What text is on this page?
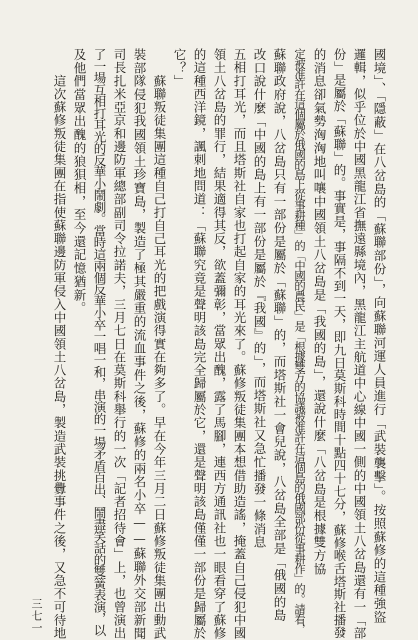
國境」、「隱蔽」在八岔島的「蘇聯部份」，向蘇聯河運人員進行「武裝襲擊」。按照蘇修的這種強盜
邏輯，似乎位於中國黑龍江省撫遠縣境內，黑龍江主航道中心線中國一側的中國領土八岔島還有一「部
份」是屬於「蘇聯」的。事實是，事隔不到一天，即九日莫斯科時間十點四十七分，蘇修喉舌塔斯社播發
的消息卻氣勢洶洶地叫嚷中國領土八岔島是「我國的島」，還說什麼「八岔島是根據雙方協
定被准許在這個屬於俄國的島上從事耕種」的「中國的農民」是「根據雙方的協議被准許在這個島的俄國部份從事耕作」的。請看，
蘇聯政府說，八岔島只有一部份是屬於「蘇聯」的，而塔斯社一會兒說，八岔島全部是「俄國的島
改口說什麼「中國的島上有一部份是屬於『我國』的」，而塔斯社又急忙播發一條消息
五相打耳光，而且塔斯社自家也打起自家的耳光來了。蘇修叛徒集團本想借助造謠，掩蓋自己侵犯中國
領土八岔島的罪行，結果適得其反，欲蓋彌彰，當眾出醜，露了馬腳，連西方通訊社也一眼看穿了蘇修
的這種西洋鏡，諷刺地問道：「蘇聯究竟是聲明該島完全歸屬於它，還是聲明該島僅僅一部份是歸屬於
它？」
　　蘇聯叛徒集團這種自己打自己耳光的把戲演得實在夠多了。早在今年三月二日蘇修叛徒集團出動武
裝部隊侵犯我國領土珍寶島，製造了極其嚴重的流血事件之後，蘇修的兩名小卒——蘇聯外交部新聞
司長扎米亞京和邊防軍總部副司令拉諾夫，三月七日在莫斯科舉行的一次「記者招待會」上，也曾演出
了一場互相打耳光的反華小鬧劇。當時這兩個反華小卒一唱一和，串演的一場矛盾百出、鬧盡笑話的雙簧表演，以
及他們當眾出醜的狼狽相，至今還記憶猶新。
　　這次蘇修叛徒集團在指使蘇聯邊防軍侵入中國領土八岔島，製造武裝挑釁事件之後，又急不可待地
三七一
